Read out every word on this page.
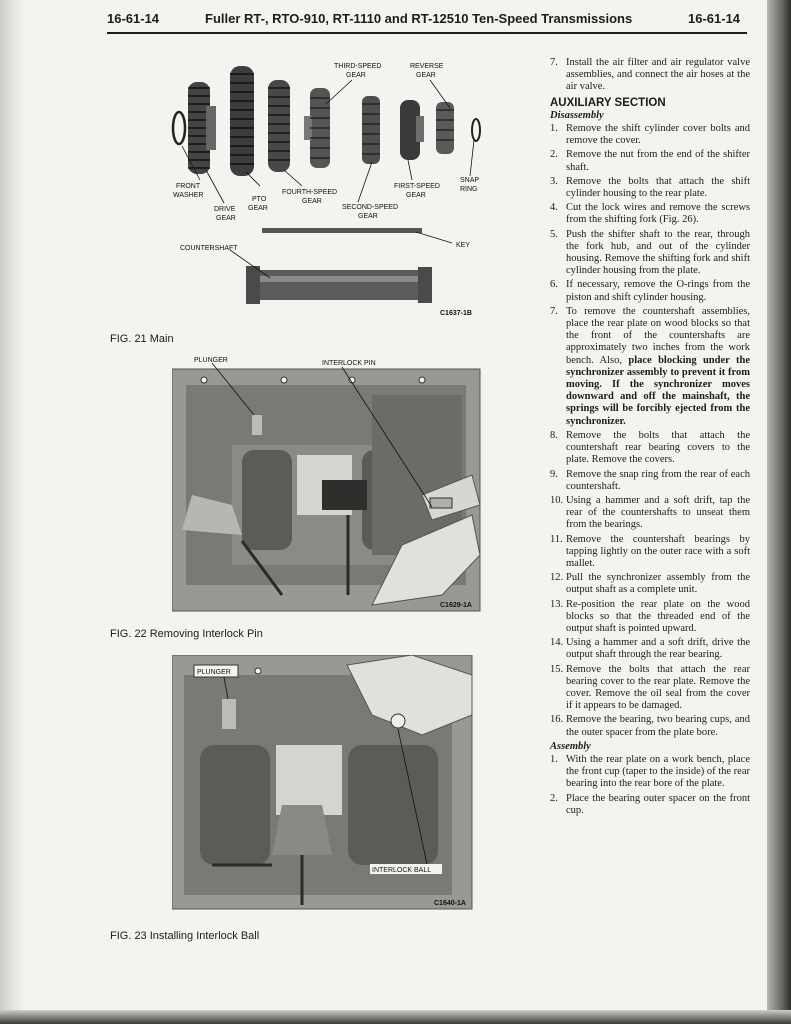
16-61-14	Fuller RT-, RTO-910, RT-1110 and RT-12510 Ten-Speed Transmissions	16-61-14
THIRD-SPEED GEAR
REVERSE GEAR
FRONT WASHER
DRIVE GEAR
PTO GEAR
FOURTH-SPEED GEAR
SECOND-SPEED GEAR
FIRST-SPEED GEAR
SNAP RING
KEY
COUNTERSHAFT
C1637-1B
FIG. 21 Main
PLUNGER	INTERLOCK PIN
C1629-1A
FIG. 22 Removing Interlock Pin
PLUNGER
INTERLOCK BALL
C1640-1A
FIG. 23 Installing Interlock Ball
7. Install the air filter and air regulator valve assemblies, and connect the air hoses at the air valve.
AUXILIARY SECTION
Disassembly
1. Remove the shift cylinder cover bolts and remove the cover.
2. Remove the nut from the end of the shifter shaft.
3. Remove the bolts that attach the shift cylinder housing to the rear plate.
4. Cut the lock wires and remove the screws from the shifting fork (Fig. 26).
5. Push the shifter shaft to the rear, through the fork hub, and out of the cylinder housing. Remove the shifting fork and shift cylinder housing from the plate.
6. If necessary, remove the O-rings from the piston and shift cylinder housing.
7. To remove the countershaft assemblies, place the rear plate on wood blocks so that the front of the countershafts are approximately two inches from the work bench. Also, place blocking under the synchronizer assembly to prevent it from moving. If the synchronizer moves downward and off the mainshaft, the springs will be forcibly ejected from the synchronizer.
8. Remove the bolts that attach the countershaft rear bearing covers to the plate. Remove the covers.
9. Remove the snap ring from the rear of each countershaft.
10. Using a hammer and a soft drift, tap the rear of the countershafts to unseat them from the bearings.
11. Remove the countershaft bearings by tapping lightly on the outer race with a soft mallet.
12. Pull the synchronizer assembly from the output shaft as a complete unit.
13. Re-position the rear plate on the wood blocks so that the threaded end of the output shaft is pointed upward.
14. Using a hammer and a soft drift, drive the output shaft through the rear bearing.
15. Remove the bolts that attach the rear bearing cover to the rear plate. Remove the cover. Remove the oil seal from the cover if it appears to be damaged.
16. Remove the bearing, two bearing cups, and the outer spacer from the plate bore.
Assembly
1. With the rear plate on a work bench, place the front cup (taper to the inside) of the rear bearing into the rear bore of the plate.
2. Place the bearing outer spacer on the front cup.
